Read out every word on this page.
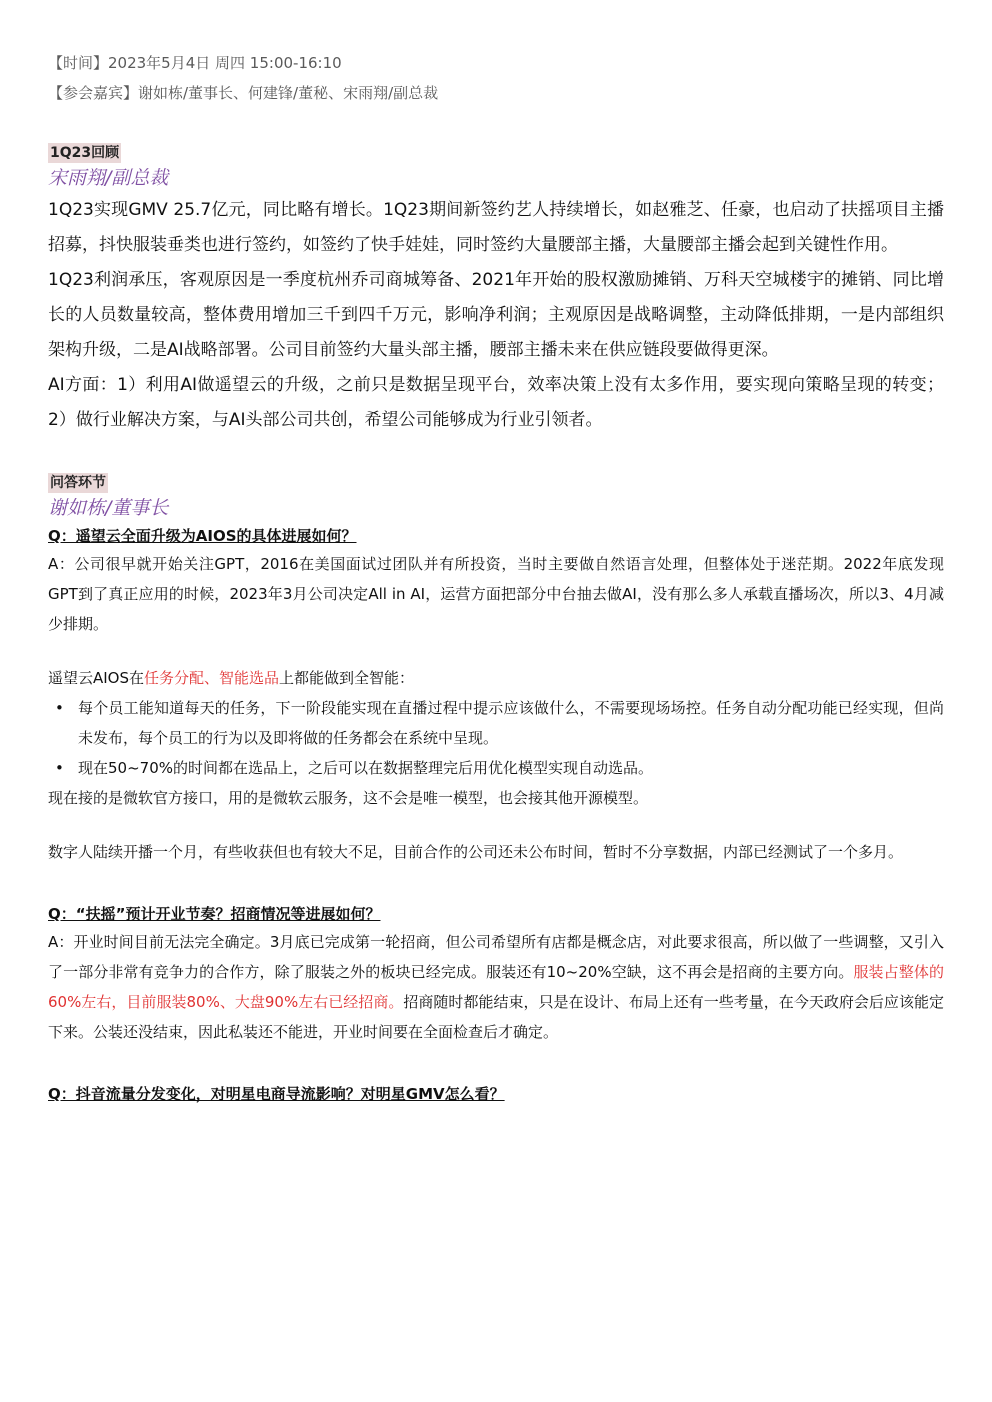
【时间】2023年5月4日 周四 15:00-16:10
【参会嘉宾】谢如栋/董事长、何建锋/董秘、宋雨翔/副总裁
1Q23回顾
宋雨翔/副总裁

1Q23实现GMV 25.7亿元，同比略有增长。1Q23期间新签约艺人持续增长，如赵雅芝、任豪，也启动了扶摇项目主播招募，抖快服装垂类也进行签约，如签约了快手娃娃，同时签约大量腰部主播，大量腰部主播会起到关键性作用。

1Q23利润承压，客观原因是一季度杭州乔司商城筹备、2021年开始的股权激励摊销、万科天空城楼宇的摊销、同比增长的人员数量较高，整体费用增加三千到四千万元，影响净利润；主观原因是战略调整，主动降低排期，一是内部组织架构升级，二是AI战略部署。公司目前签约大量头部主播，腰部主播未来在供应链段要做得更深。

AI方面：1）利用AI做遥望云的升级，之前只是数据呈现平台，效率决策上没有太多作用，要实现向策略呈现的转变；2）做行业解决方案，与AI头部公司共创，希望公司能够成为行业引领者。

问答环节
谢如栋/董事长
Q：遥望云全面升级为AIOS的具体进展如何？

A：公司很早就开始关注GPT，2016在美国面试过团队并有所投资，当时主要做自然语言处理，但整体处于迷茫期。2022年底发现GPT到了真正应用的时候，2023年3月公司决定All in AI，运营方面把部分中台抽去做AI，没有那么多人承载直播场次，所以3、4月减少排期。

遥望云AIOS在任务分配、智能选品上都能做到全智能：

• 每个员工能知道每天的任务，下一阶段能实现在直播过程中提示应该做什么，不需要现场场控。任务自动分配功能已经实现，但尚未发布，每个员工的行为以及即将做的任务都会在系统中呈现。
• 现在50~70%的时间都在选品上，之后可以在数据整理完后用优化模型实现自动选品。

现在接的是微软官方接口，用的是微软云服务，这不会是唯一模型，也会接其他开源模型。

数字人陆续开播一个月，有些收获但也有较大不足，目前合作的公司还未公布时间，暂时不分享数据，内部已经测试了一个多月。

Q：“扶摇”预计开业节奏？招商情况等进展如何？

A：开业时间目前无法完全确定。3月底已完成第一轮招商，但公司希望所有店都是概念店，对此要求很高，所以做了一些调整，又引入了一部分非常有竞争力的合作方，除了服装之外的板块已经完成。服装还有10~20%空缺，这不再会是招商的主要方向。服装占整体的60%左右，目前服装80%、大盘90%左右已经招商。招商随时都能结束，只是在设计、布局上还有一些考量，在今天政府会后应该能定下来。公装还没结束，因此私装还不能进，开业时间要在全面检查后才确定。

Q：抖音流量分发变化，对明星电商导流影响？对明星GMV怎么看？
